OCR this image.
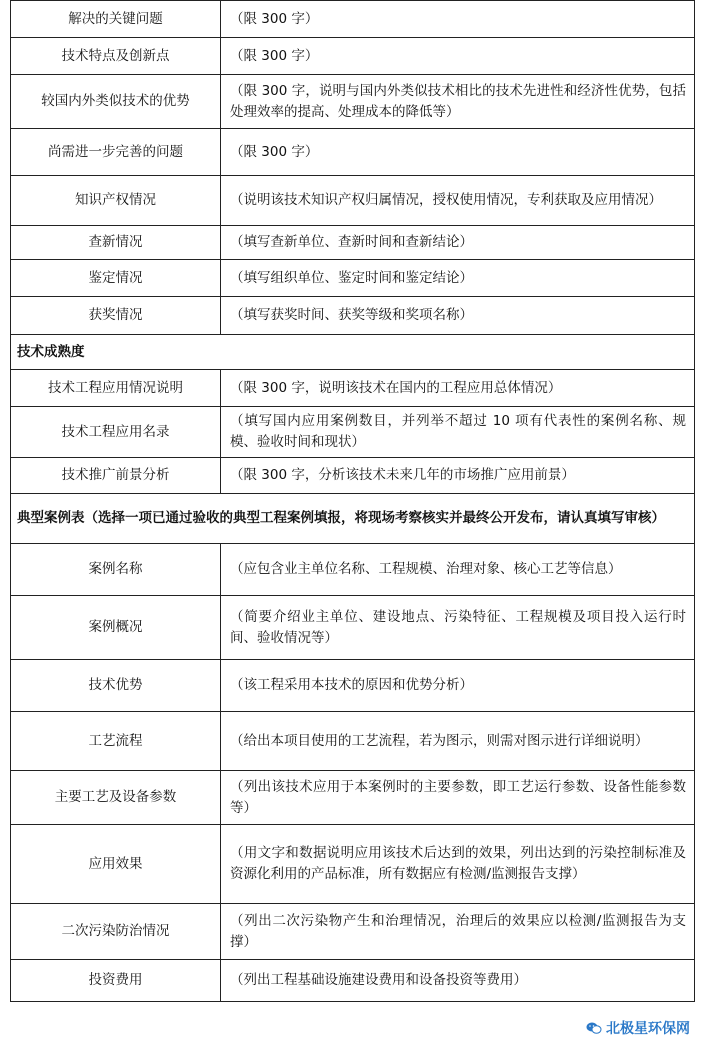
解决的关键问题	（限 300 字）
技术特点及创新点	（限 300 字）
较国内外类似技术的优势	（限 300 字，说明与国内外类似技术相比的技术先进性和经济性优势，包括处理效率的提高、处理成本的降低等）
尚需进一步完善的问题	（限 300 字）
知识产权情况	（说明该技术知识产权归属情况，授权使用情况，专利获取及应用情况）
查新情况	（填写查新单位、查新时间和查新结论）
鉴定情况	（填写组织单位、鉴定时间和鉴定结论）
获奖情况	（填写获奖时间、获奖等级和奖项名称）
技术成熟度	
技术工程应用情况说明	（限 300 字，说明该技术在国内的工程应用总体情况）
技术工程应用名录	（填写国内应用案例数目，并列举不超过 10 项有代表性的案例名称、规模、验收时间和现状）
技术推广前景分析	（限 300 字，分析该技术未来几年的市场推广应用前景）
典型案例表（选择一项已通过验收的典型工程案例填报，将现场考察核实并最终公开发布，请认真填写审核）	
案例名称	（应包含业主单位名称、工程规模、治理对象、核心工艺等信息）
案例概况	（简要介绍业主单位、建设地点、污染特征、工程规模及项目投入运行时间、验收情况等）
技术优势	（该工程采用本技术的原因和优势分析）
工艺流程	（给出本项目使用的工艺流程，若为图示，则需对图示进行详细说明）
主要工艺及设备参数	（列出该技术应用于本案例时的主要参数，即工艺运行参数、设备性能参数等）
应用效果	（用文字和数据说明应用该技术后达到的效果，列出达到的污染控制标准及资源化利用的产品标准，所有数据应有检测/监测报告支撑）
二次污染防治情况	（列出二次污染物产生和治理情况，治理后的效果应以检测/监测报告为支撑）
投资费用	（列出工程基础设施建设费用和设备投资等费用）
北极星环保网
